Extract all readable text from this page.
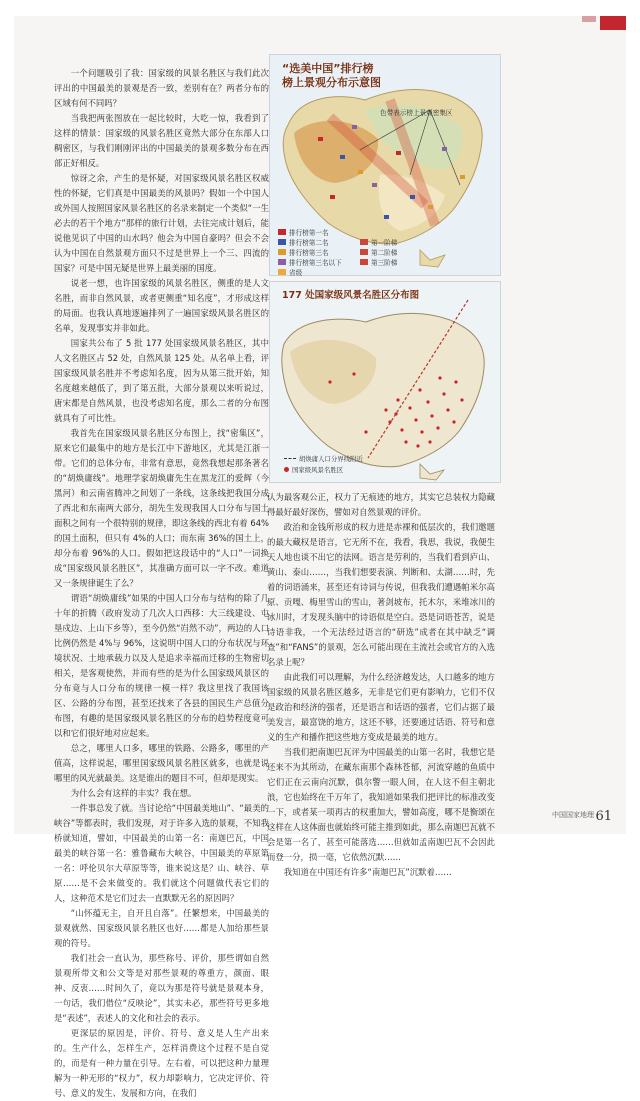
一个问题吸引了我：国家级的风景名胜区与我们此次评出的中国最美的景观是否一致，差别有在？两者分布的区域有何不同吗？

当我把两张图放在一起比较时，大吃一惊，我看到了这样的情景：国家级的风景名胜区竟然大部分在东部人口稠密区，与我们刚刚评出的中国最美的景观多数分布在西部正好相反。

惊讶之余，产生的是怀疑，对国家级风景名胜区权威性的怀疑，它们真是中国最美的风景吗？假如一个中国人或外国人按照国家风景名胜区的名录来制定一个类似“一生必去的若干个地方”那样的旅行计划，去往完成计划后，能说他见识了中国的山水吗？他会为中国自豪吗？但会不会认为中国在自然景观方面只不过是世界上一个三、四流的国家？可是中国无疑是世界上最美丽的国度。

说老一想，也许国家级的风景名胜区，侧重的是人文名胜，而非自然风景，或者更侧重“知名度”，才形成这样的局面。也我认真地逐遍排列了一遍国家级风景名胜区的名单，发现事实并非如此。

国家共公布了 5 批 177 处国家级风景名胜区，其中人文名胜区占 52 处，自然风景 125 处。从名单上看，评国家级风景名胜并不考虑知名度，因为从第三批开始，知名度越来越低了，到了第五批，大部分景观以来听说过，唐宋都是自然风景，也没考虑知名度，那么二者的分布图就具有了可比性。

我首先在国家级风景名胜区分布图上，找“密集区”，原来它们最集中的地方是长江中下游地区，尤其是江浙一带。它们的总体分布，非常有意思，竟然我想起那条著名的“胡焕庸线”。地理学家胡焕庸先生在黑龙江的爱辉（今黑河）和云南省腾冲之间划了一条线，这条线把我国分成了西北和东南两大部分，胡先生发现我国人口分布与国土面积之间有一个很特别的规律，即这条线的西北有着 64%的国土面积，但只有 4%的人口；而东南 36%的国土上，却分布着 96%的人口。假如把这段话中的“人口”一词换成“国家级风景名胜区”，其准确方面可以一字不改。难道又一条规律诞生了么？

谓语“胡焕庸线”如果的中国人口分布与结构的除了几十年的折腾（政府发动了几次人口西移：大三线建设、屯垦戍边、上山下乡等），至今仍然“岿然不动”，两边的人口比例仍然是 4%与 96%，这说明中国人口的分布状况与环境状况、土地承载力以及人是追求幸福而迁移的生物密切相关，是客观使然，并而有些的是为什么国家级风景区的分布竟与人口分布的规律一模一样？我这里找了我国该区、公路的分布图，甚至还找来了各县的国民生产总值分布图，有趣的是国家级风景名胜区的分布的趋势程度竟可以和它们很好地对应起来。

总之，哪里人口多，哪里的铁路、公路多，哪里的产值高，这样说起，哪里国家级风景名胜区就多，也就是说哪里的风光就最美。这是谁出的题目不可，但却是现实。

为什么会有这样的丰实？我在想。

一件事总发了就。当讨论给“中国最美地山”、“最美的峡谷”等都表时，我们发现，对于许多入选的景观，不知我桥就知道，譬如，中国最美的山第一名：南迦巴瓦，中国最美的峡谷第一名：雅鲁藏布大峡谷，中国最美的草原第一名：呼伦贝尔大草原等等，谁来说这是？山、峡谷、草原……是不会来做变的。我们就这个问题做代表它们的人，这种范术是它们过去一直默默无名的原因吗？

“山怀蕴无主，自开且自落”。任繁想来，中国最美的景观就然、国家级风景名胜区也好……都是人加给那些景观的符号。

我们社会一直认为，那些称号、评价，那些谓如自然景观所带文和公文等是对那些景观的尊重方，颜面、眼神、反衷……时间久了，竟以为那是符号就是景观本身，一句话，我们借位“反映论”，其实未必，那些符号更多地是“表述”，表述人的文化和社会的表示。

更深层的原因是，评价、符号、意义是人生产出来的。生产什么，怎样生产，怎样消费这个过程不是自觉的，而是有一种力量在引导。左右着，可以把这种力量理解为一种无形的“权力”，权力却影响力，它决定评价、符号、意义的发生、发展和方向，在我们

“选美中国”排行榜
榜上景观分布示意图
色带表示榜上景观密集区
排行榜第一名
排行榜第二名
排行榜第三名
排行榜第三名以下
第一阶梯
第二阶梯
第三阶梯
省级
177 处国家级风景名胜区分布图
胡焕庸人口分界线附近
国家级风景名胜区

认为最客观公正，权力了无痕迹的地方，其实它总装权力隐藏得最好最好深伤，譬如对自然景观的评价。

政治和金钱所形成的权力进是赤裸和低层次的，我们邀题的最大藏权是语言，它无所不在，我看，我思，我说，我便生天人地也谈不出它的法网。语言是劳利的，当我们看到庐山、黄山、泰山……，当我们想要表演、判断和、太湖……时，先着的词语涌来，甚至还有诗词与传说，但我我们遭遇帕米尔高原、贡嘎、梅里雪山的雪山，著剑坡布，托木尔，米堆冰川的冰川时，才发现头脑中的诗语似是空白。恐是词语苍苦，说是诗语非我，一个无法经过语言的“研选”成者在其中缺乏“调查”和“FANS”的景观，怎么可能出现在主流社会或官方的入选名录上呢？

由此我们可以理解，为什么经济越发达，人口越多的地方国家级的风景名胜区越多，无非是它们更有影响力，它们不仅是政治和经济的强者，还是语言和话语的强者，它们占据了最美发言，最富饶的地方，这还不够，还要通过话语、符号和意义的生产和播作把这些地方变成是最美的地方。

当我们把南迦巴瓦评为中国最美的山第一名时，我想它是还来不为其所动，在藏东南那个森林苍郁，河流穿越的鱼质中它们正在云南向沉默，俱尔警一眼人间，在人这不但主朝北浪，它也始终在千万年了，我知道如果我们把评比的标准改变一下，或者某一项再古的权重加大，譬如高度，哪不是衡颂在这样在人这体面也就始终可能主推到如此，那么南迦巴瓦就不会是第一名了，甚至可能落选……但就如孟南迦巴瓦不会因此而登一分，损一毫，它依然沉默……

我知道在中国还有许多“南迦巴瓦”沉默着……

中国国家地理 61
